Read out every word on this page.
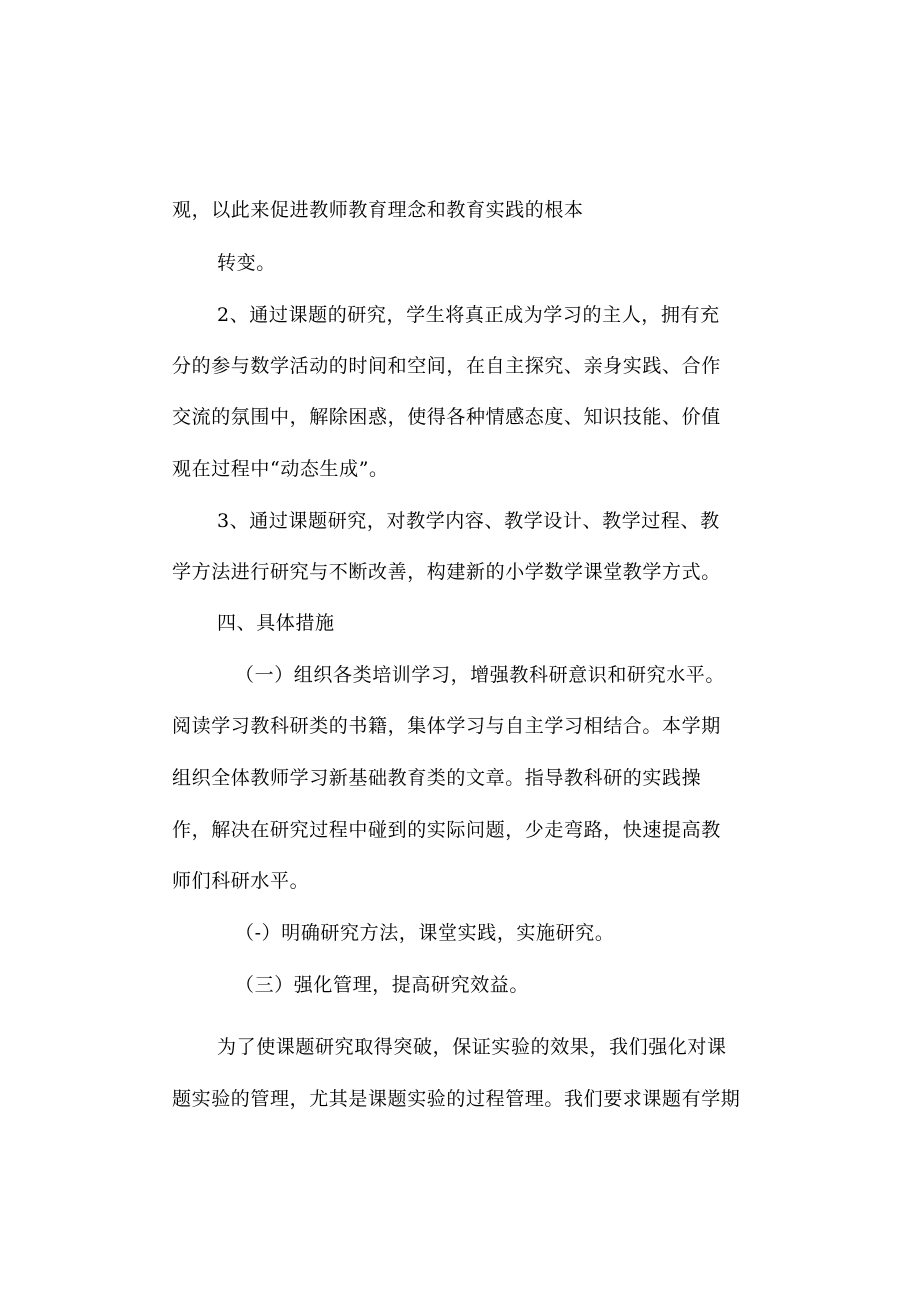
观，以此来促进教师教育理念和教育实践的根本
转变。
2、通过课题的研究，学生将真正成为学习的主人，拥有充
分的参与数学活动的时间和空间，在自主探究、亲身实践、合作
交流的氛围中，解除困惑，使得各种情感态度、知识技能、价值
观在过程中“动态生成”。
3、通过课题研究，对教学内容、教学设计、教学过程、教
学方法进行研究与不断改善，构建新的小学数学课堂教学方式。
四、具体措施
（一）组织各类培训学习，增强教科研意识和研究水平。
阅读学习教科研类的书籍，集体学习与自主学习相结合。本学期
组织全体教师学习新基础教育类的文章。指导教科研的实践操
作，解决在研究过程中碰到的实际问题，少走弯路，快速提高教
师们科研水平。
（-）明确研究方法，课堂实践，实施研究。
（三）强化管理，提高研究效益。
为了使课题研究取得突破，保证实验的效果，我们强化对课
题实验的管理，尤其是课题实验的过程管理。我们要求课题有学期
